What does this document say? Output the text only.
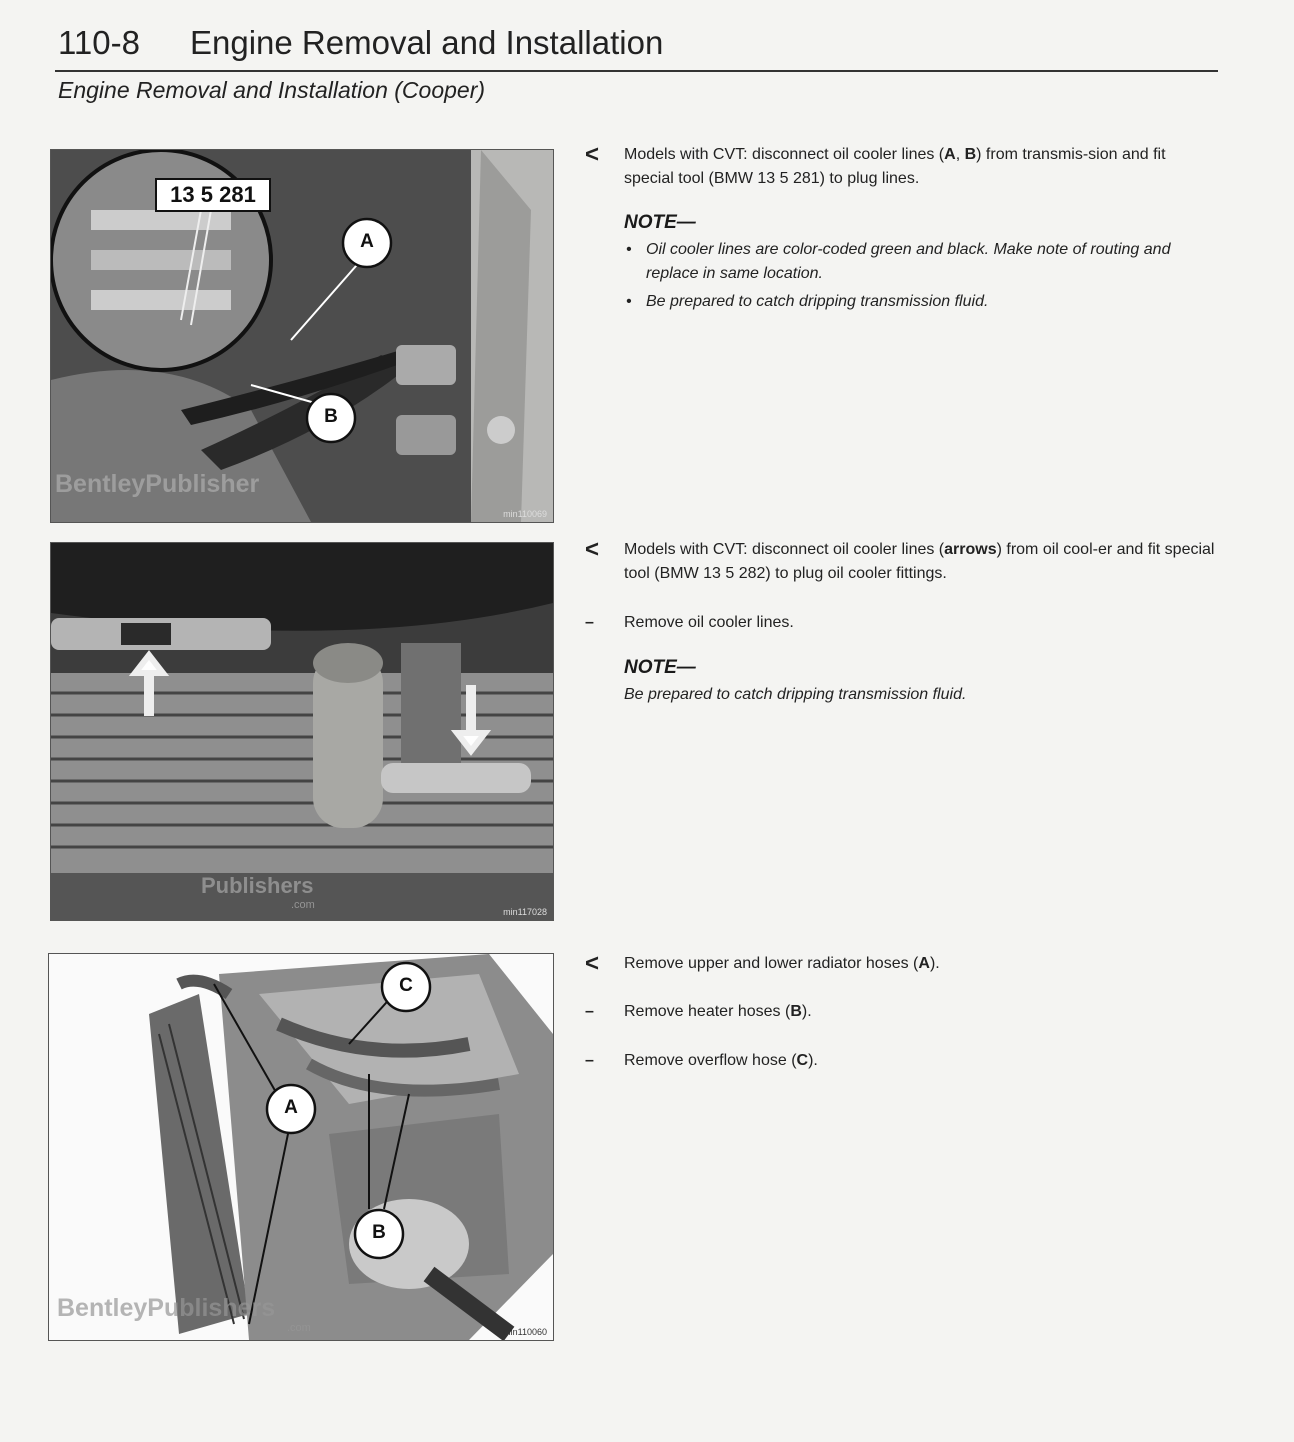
110-8 Engine Removal and Installation
Engine Removal and Installation (Cooper)
13 5 281
A
B
BentleyPublisher
min110069
Publishers
.com
min117028
A
B
C
BentleyPublishers
.com	min110060
<	Models with CVT: disconnect oil cooler lines (A, B) from transmis-sion and fit special tool (BMW 13 5 281) to plug lines.
NOTE—
• Oil cooler lines are color-coded green and black. Make note of routing and replace in same location.
• Be prepared to catch dripping transmission fluid.
<	Models with CVT: disconnect oil cooler lines (arrows) from oil cool-er and fit special tool (BMW 13 5 282) to plug oil cooler fittings.
–	Remove oil cooler lines.
NOTE—
Be prepared to catch dripping transmission fluid.
<	Remove upper and lower radiator hoses (A).
–	Remove heater hoses (B).
–	Remove overflow hose (C).
